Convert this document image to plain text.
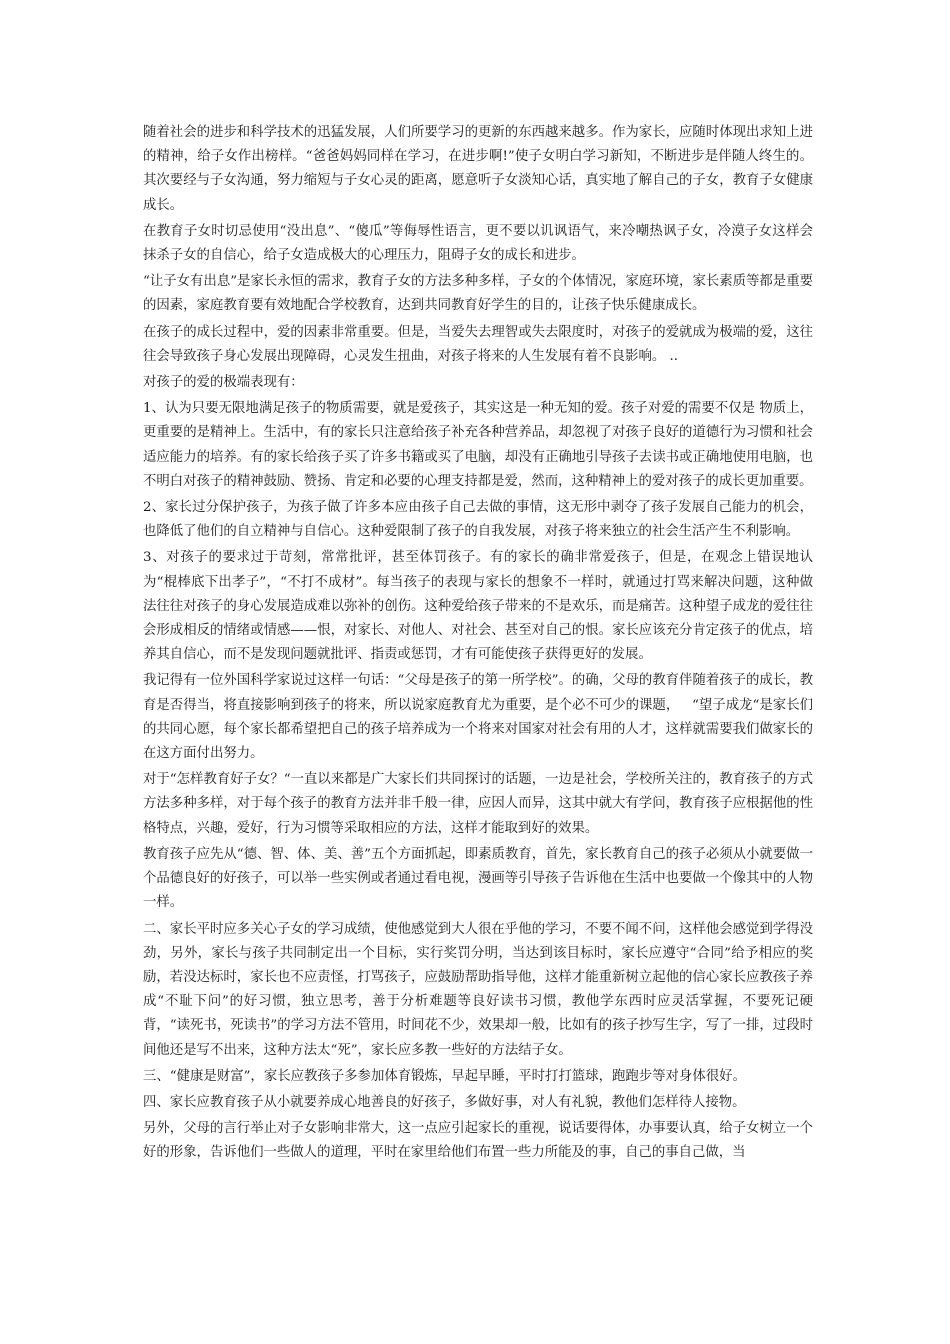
随着社会的进步和科学技术的迅猛发展，人们所要学习的更新的东西越来越多。作为家长，应随时体现出求知上进的精神，给子女作出榜样。“爸爸妈妈同样在学习，在进步啊!”使子女明白学习新知，不断进步是伴随人终生的。其次要经与子女沟通，努力缩短与子女心灵的距离，愿意听子女淡知心话，真实地了解自己的子女，教育子女健康成长。

在教育子女时切忌使用“没出息”、“傻瓜”等侮辱性语言，更不要以讥讽语气，来冷嘲热讽子女，冷漠子女这样会抹杀子女的自信心，给子女造成极大的心理压力，阻碍子女的成长和进步。

“让子女有出息”是家长永恒的需求，教育子女的方法多种多样，子女的个体情况，家庭环境，家长素质等都是重要的因素，家庭教育要有效地配合学校教育，达到共同教育好学生的目的，让孩子快乐健康成长。

在孩子的成长过程中，爱的因素非常重要。但是，当爱失去理智或失去限度时，对孩子的爱就成为极端的爱，这往往会导致孩子身心发展出现障碍，心灵发生扭曲，对孩子将来的人生发展有着不良影响。 ..

对孩子的爱的极端表现有：

1、认为只要无限地满足孩子的物质需要，就是爱孩子，其实这是一种无知的爱。孩子对爱的需要不仅是 物质上，更重要的是精神上。生活中，有的家长只注意给孩子补充各种营养品，却忽视了对孩子良好的道德行为习惯和社会适应能力的培养。有的家长给孩子买了许多书籍或买了电脑，却没有正确地引导孩子去读书或正确地使用电脑，也不明白对孩子的精神鼓励、赞扬、肯定和必要的心理支持都是爱，然而，这种精神上的爱对孩子的成长更加重要。

2、家长过分保护孩子，为孩子做了许多本应由孩子自己去做的事情，这无形中剥夺了孩子发展自己能力的机会，也降低了他们的自立精神与自信心。这种爱限制了孩子的自我发展，对孩子将来独立的社会生活产生不利影响。

3、对孩子的要求过于苛刻，常常批评，甚至体罚孩子。有的家长的确非常爱孩子，但是，在观念上错误地认为“棍棒底下出孝子”，“不打不成材”。每当孩子的表现与家长的想象不一样时，就通过打骂来解决问题，这种做法往往对孩子的身心发展造成难以弥补的创伤。这种爱给孩子带来的不是欢乐，而是痛苦。这种望子成龙的爱往往会形成相反的情绪或情感——恨，对家长、对他人、对社会、甚至对自己的恨。家长应该充分肯定孩子的优点，培养其自信心，而不是发现问题就批评、指责或惩罚，才有可能使孩子获得更好的发展。

我记得有一位外国科学家说过这样一句话：“父母是孩子的第一所学校”。的确，父母的教育伴随着孩子的成长，教育是否得当，将直接影响到孩子的将来，所以说家庭教育尤为重要，是个必不可少的课题，   “望子成龙“是家长们的共同心愿，每个家长都希望把自己的孩子培养成为一个将来对国家对社会有用的人才，这样就需要我们做家长的在这方面付出努力。

对于“怎样教育好子女？“一直以来都是广大家长们共同探讨的话题，一边是社会，学校所关注的，教育孩子的方式方法多种多样，对于每个孩子的教育方法并非千般一律，应因人而异，这其中就大有学问，教育孩子应根据他的性格特点，兴趣，爱好，行为习惯等采取相应的方法，这样才能取到好的效果。

教育孩子应先从“德、智、体、美、善”五个方面抓起，即素质教育，首先，家长教育自己的孩子必须从小就要做一个品德良好的好孩子，可以举一些实例或者通过看电视，漫画等引导孩子告诉他在生活中也要做一个像其中的人物一样。

二、家长平时应多关心子女的学习成绩，使他感觉到大人很在乎他的学习，不要不闻不问，这样他会感觉到学得没劲，另外，家长与孩子共同制定出一个目标，实行奖罚分明，当达到该目标时，家长应遵守“合同”给予相应的奖励，若没达标时，家长也不应责怪，打骂孩子，应鼓励帮助指导他，这样才能重新树立起他的信心家长应教孩子养成“不耻下问”的好习惯，独立思考，善于分析难题等良好读书习惯，教他学东西时应灵活掌握，不要死记硬背，“读死书，死读书”的学习方法不管用，时间花不少，效果却一般，比如有的孩子抄写生字，写了一排，过段时间他还是写不出来，这种方法太“死”，家长应多教一些好的方法结子女。

三、“健康是财富”，家长应教孩子多参加体育锻炼，早起早睡，平时打打篮球，跑跑步等对身体很好。

四、家长应教育孩子从小就要养成心地善良的好孩子，多做好事，对人有礼貌，教他们怎样待人接物。

另外，父母的言行举止对子女影响非常大，这一点应引起家长的重视，说话要得体，办事要认真，给子女树立一个好的形象，告诉他们一些做人的道理，平时在家里给他们布置一些力所能及的事，自己的事自己做，当
